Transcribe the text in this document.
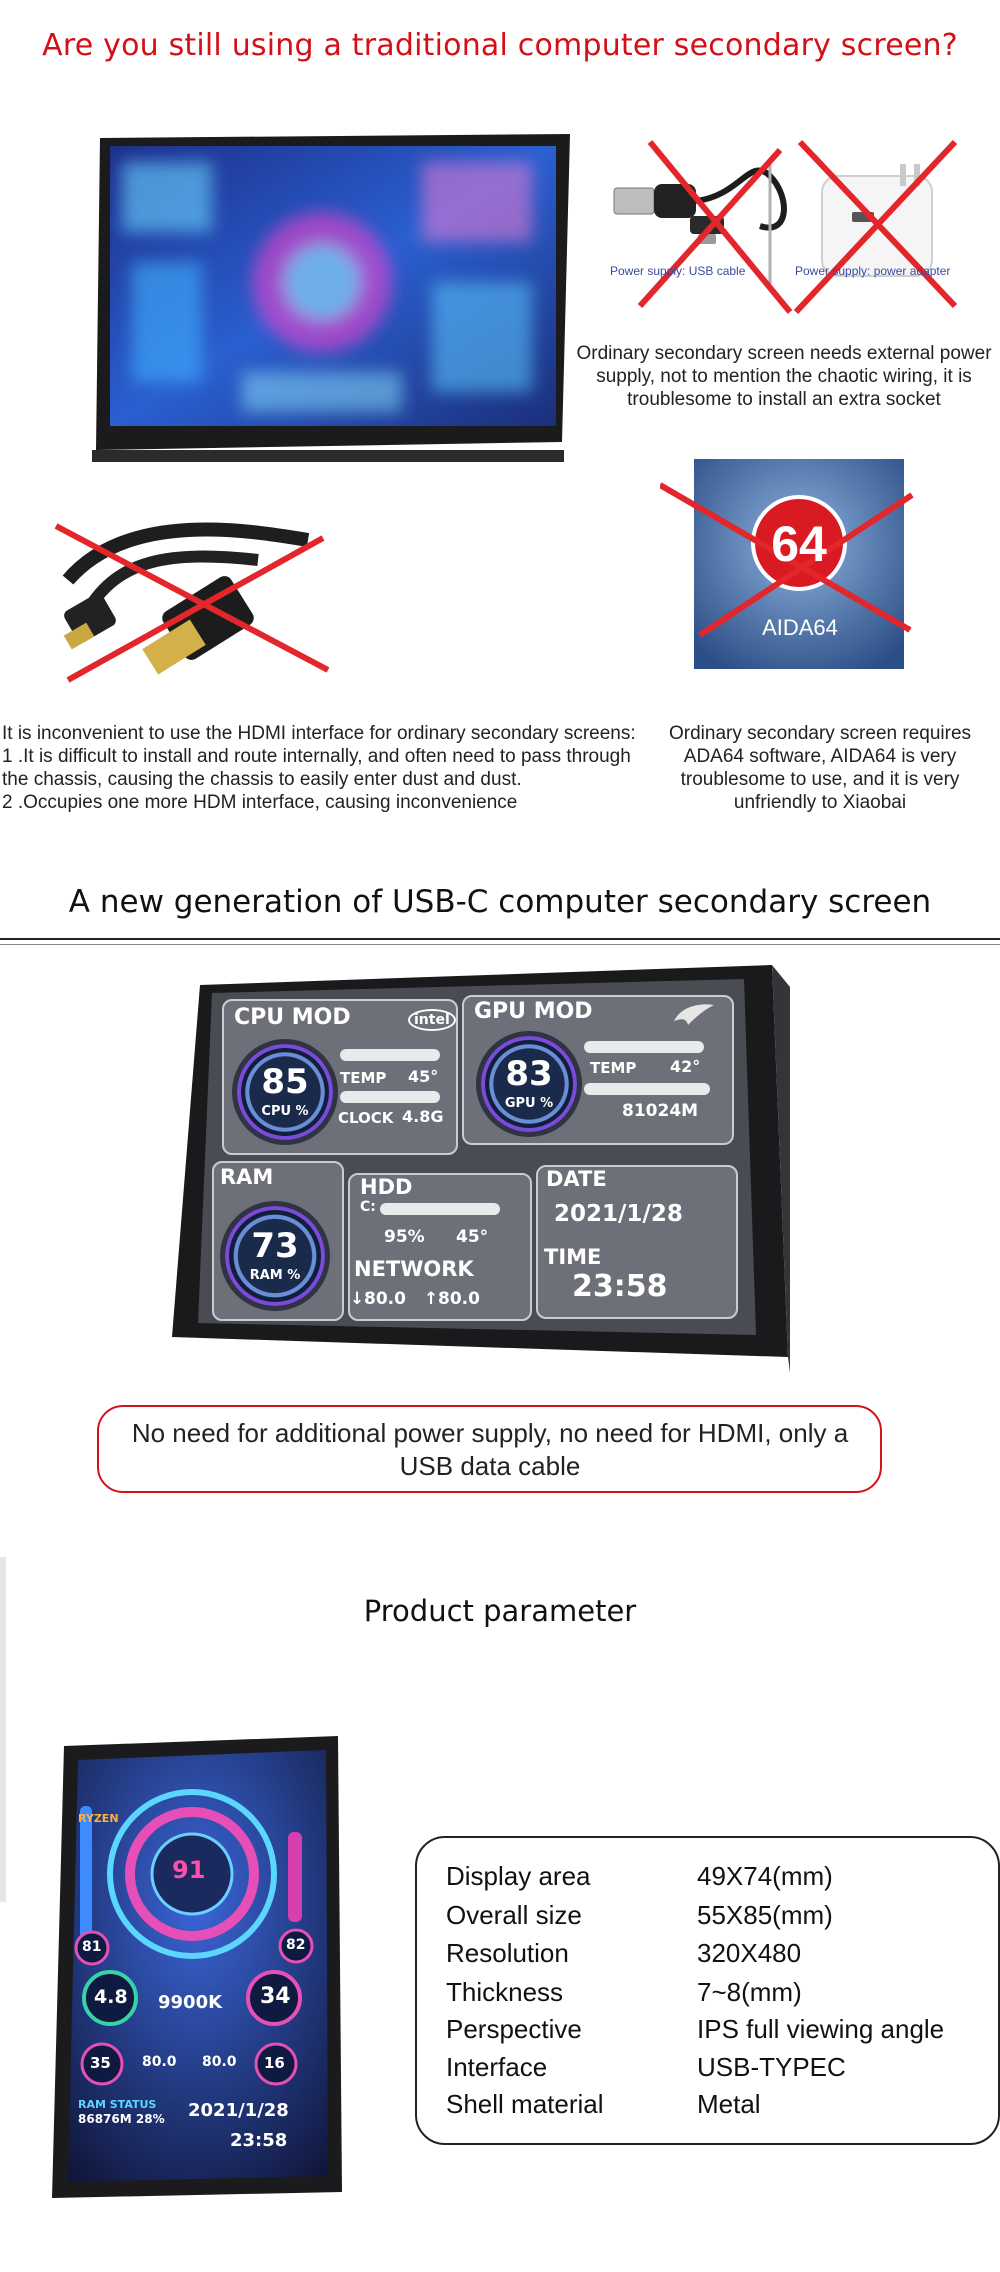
Are you still using a traditional computer secondary screen?
Power supply: USB cable	Power supply: power adapter
Ordinary secondary screen needs external power supply, not to mention the chaotic wiring, it is troublesome to install an extra socket
64
AIDA64
It is inconvenient to use the HDMI interface for ordinary secondary screens:
1 .It is difficult to install and route internally, and often need to pass through
the chassis, causing the chassis to easily enter dust and dust.
2 .Occupies one more HDM interface, causing inconvenience
Ordinary secondary screen requires ADA64 software, AIDA64 is very troublesome to use, and it is very unfriendly to Xiaobai
A new generation of USB-C computer secondary screen
CPU MOD	intel
85
CPU %
TEMP 45°
CLOCK 4.8G
GPU MOD
83
GPU %
TEMP 42°
81024M
RAM
73
RAM %
HDD
C:
95% 45°
NETWORK
↓ 80.0 ↑ 80.0
DATE
2021/1/28
TIME
23:58
No need for additional power supply, no need for HDMI, only a USB data cable
Product parameter
RYZEN
91
81	82
4.8	34
9900K
35 80.0 80.0 16
RAM STATUS
86876M 28% 2021/1/28
23:58
Display area	49X74(mm)
Overall size	55X85(mm)
Resolution	320X480
Thickness	7~8(mm)
Perspective	IPS full viewing angle
Interface	USB-TYPEC
Shell material	Metal
